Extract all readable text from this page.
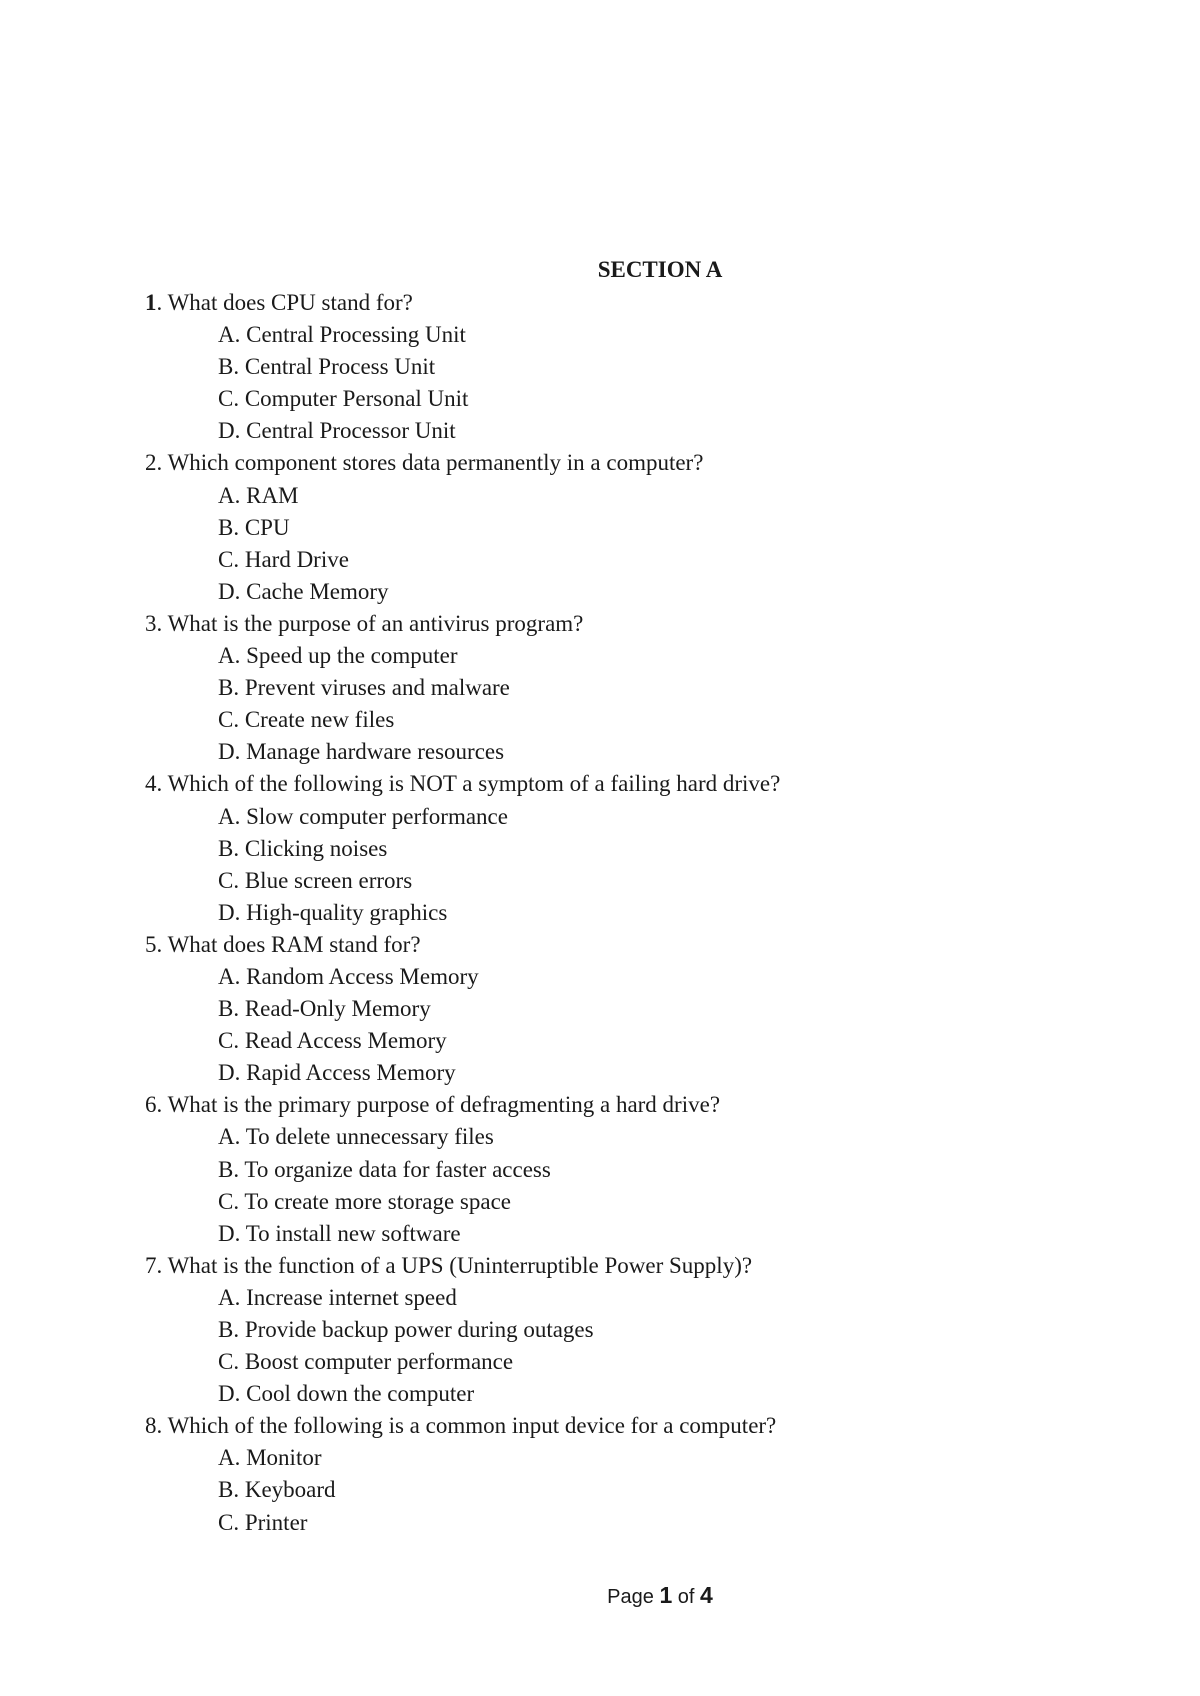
SECTION A
1. What does CPU stand for?
A. Central Processing Unit
B. Central Process Unit
C. Computer Personal Unit
D. Central Processor Unit
2. Which component stores data permanently in a computer?
A. RAM
B. CPU
C. Hard Drive
D. Cache Memory
3. What is the purpose of an antivirus program?
A. Speed up the computer
B. Prevent viruses and malware
C. Create new files
D. Manage hardware resources
4. Which of the following is NOT a symptom of a failing hard drive?
A. Slow computer performance
B. Clicking noises
C. Blue screen errors
D. High-quality graphics
5. What does RAM stand for?
A. Random Access Memory
B. Read-Only Memory
C. Read Access Memory
D. Rapid Access Memory
6. What is the primary purpose of defragmenting a hard drive?
A. To delete unnecessary files
B. To organize data for faster access
C. To create more storage space
D. To install new software
7. What is the function of a UPS (Uninterruptible Power Supply)?
A. Increase internet speed
B. Provide backup power during outages
C. Boost computer performance
D. Cool down the computer
8. Which of the following is a common input device for a computer?
A. Monitor
B. Keyboard
C. Printer
Page 1 of 4
